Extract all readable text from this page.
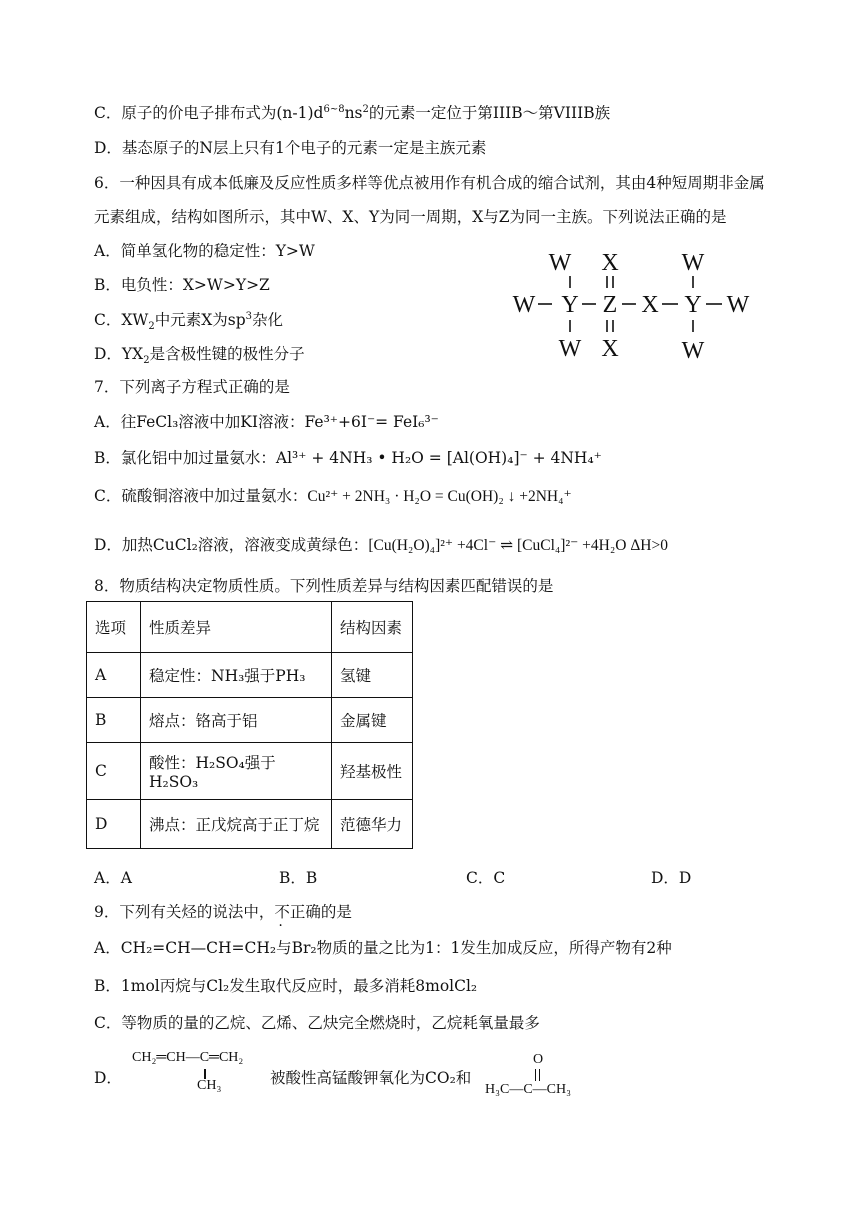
C．原子的价电子排布式为$(n-1)d^{6\sim 8}ns^2$的元素一定位于第IIIB～第VIIIB族
D．基态原子的N层上只有1个电子的元素一定是主族元素
6．一种因具有成本低廉及反应性质多样等优点被用作有机合成的缩合试剂，其由4种短周期非金属
元素组成，结构如图所示，其中W、X、Y为同一周期，X与Z为同一主族。下列说法正确的是
A．简单氢化物的稳定性：Y>W
B．电负性：X>W>Y>Z
C．$XW_2$中元素X为$sp^3$杂化
D．$YX_2$是含极性键的极性分子
W X	W
W Y Z X Y W
W X	W
7．下列离子方程式正确的是
A．往FeCl₃溶液中加KI溶液：Fe³⁺+6I⁻= FeI₆³⁻
B．氯化铝中加过量氨水：Al³⁺ + 4NH₃ • H₂O = [Al(OH)₄]⁻ + 4NH₄⁺
C．硫酸铜溶液中加过量氨水：Cu²⁺ + 2NH₃ · H₂O = Cu(OH)₂ ↓ +2NH₄⁺
D．加热CuCl₂溶液，溶液变成黄绿色：[Cu(H₂O)₄]²⁺ +4Cl⁻ ⇌ [CuCl₄]²⁻ +4H₂O ΔH>0
8．物质结构决定物质性质。下列性质差异与结构因素匹配错误的是
选项	性质差异	结构因素
A	稳定性：NH₃强于PH₃	氢键
B	熔点：铬高于铝	金属键
C	酸性：H₂SO₄强于H₂SO₃	羟基极性
D	沸点：正戊烷高于正丁烷	范德华力
A．A	B．B	C．C	D．D
9．下列有关烃的说法中，不正确的是
A．CH₂=CH—CH=CH₂与Br₂物质的量之比为1：1发生加成反应，所得产物有2种
B．1mol丙烷与Cl₂发生取代反应时，最多消耗8molCl₂
C．等物质的量的乙烷、乙烯、乙炔完全燃烧时，乙烷耗氧量最多
D．
CH₂═CH—C═CH₂
CH₃	被酸性高锰酸钾氧化为CO₂和
O
H₃C—C—CH₃
